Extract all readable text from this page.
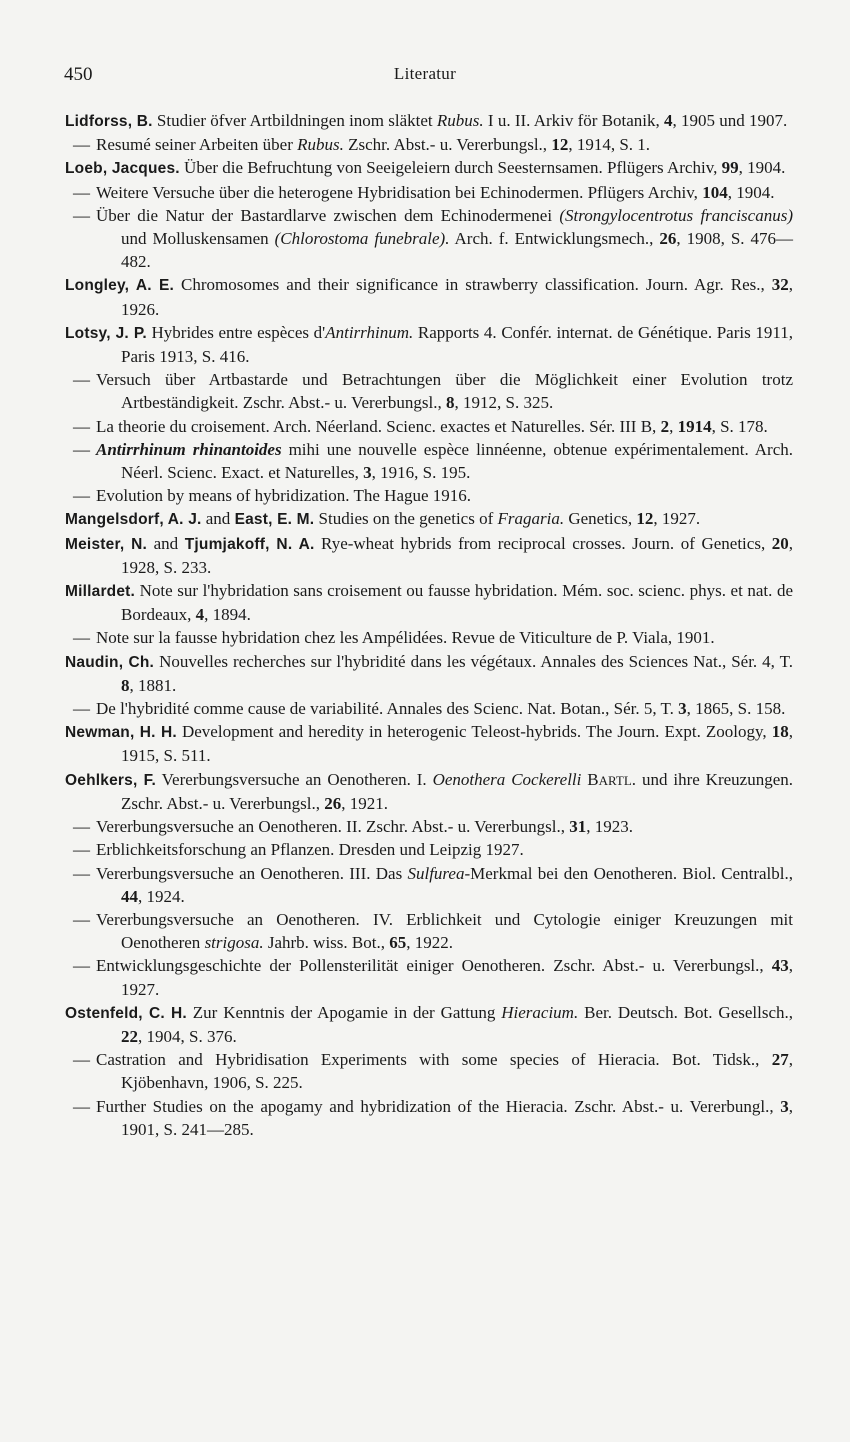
450	Literatur
Lidforss, B. Studier öfver Artbildningen inom släktet Rubus. I u. II. Arkiv för Botanik, 4, 1905 und 1907.
— Resumé seiner Arbeiten über Rubus. Zschr. Abst.- u. Vererbungsl., 12, 1914, S. 1.
Loeb, Jacques. Über die Befruchtung von Seeigeleiern durch Seesternsamen. Pflügers Archiv, 99, 1904.
— Weitere Versuche über die heterogene Hybridisation bei Echinodermen. Pflügers Archiv, 104, 1904.
— Über die Natur der Bastardlarve zwischen dem Echinodermenei (Strongylocentrotus franciscanus) und Molluskensamen (Chlorostoma funebrale). Arch. f. Entwicklungsmech., 26, 1908, S. 476—482.
Longley, A. E. Chromosomes and their significance in strawberry classification. Journ. Agr. Res., 32, 1926.
Lotsy, J. P. Hybrides entre espèces d'Antirrhinum. Rapports 4. Confér. internat. de Génétique. Paris 1911, Paris 1913, S. 416.
— Versuch über Artbastarde und Betrachtungen über die Möglichkeit einer Evolution trotz Artbeständigkeit. Zschr. Abst.- u. Vererbungsl., 8, 1912, S. 325.
— La theorie du croisement. Arch. Néerland. Scienc. exactes et Naturelles. Sér. III B, 2, 1914, S. 178.
— Antirrhinum rhinantoides mihi une nouvelle espèce linnéenne, obtenue expérimentalement. Arch. Néerl. Scienc. Exact. et Naturelles, 3, 1916, S. 195.
— Evolution by means of hybridization. The Hague 1916.
Mangelsdorf, A. J. and East, E. M. Studies on the genetics of Fragaria. Genetics, 12, 1927.
Meister, N. and Tjumjakoff, N. A. Rye-wheat hybrids from reciprocal crosses. Journ. of Genetics, 20, 1928, S. 233.
Millardet. Note sur l'hybridation sans croisement ou fausse hybridation. Mém. soc. scienc. phys. et nat. de Bordeaux, 4, 1894.
— Note sur la fausse hybridation chez les Ampélidées. Revue de Viticulture de P. Viala, 1901.
Naudin, Ch. Nouvelles recherches sur l'hybridité dans les végétaux. Annales des Sciences Nat., Sér. 4, T. 8, 1881.
— De l'hybridité comme cause de variabilité. Annales des Scienc. Nat. Botan., Sér. 5, T. 3, 1865, S. 158.
Newman, H. H. Development and heredity in heterogenic Teleost-hybrids. The Journ. Expt. Zoology, 18, 1915, S. 511.
Oehlkers, F. Vererbungsversuche an Oenotheren. I. Oenothera Cockerelli BARTL. und ihre Kreuzungen. Zschr. Abst.- u. Vererbungsl., 26, 1921.
— Vererbungsversuche an Oenotheren. II. Zschr. Abst.- u. Vererbungsl., 31, 1923.
— Erblichkeitsforschung an Pflanzen. Dresden und Leipzig 1927.
— Vererbungsversuche an Oenotheren. III. Das Sulfurea-Merkmal bei den Oenotheren. Biol. Centralbl., 44, 1924.
— Vererbungsversuche an Oenotheren. IV. Erblichkeit und Cytologie einiger Kreuzungen mit Oenotheren strigosa. Jahrb. wiss. Bot., 65, 1922.
— Entwicklungsgeschichte der Pollensterilität einiger Oenotheren. Zschr. Abst.- u. Vererbungsl., 43, 1927.
Ostenfeld, C. H. Zur Kenntnis der Apogamie in der Gattung Hieracium. Ber. Deutsch. Bot. Gesellsch., 22, 1904, S. 376.
— Castration and Hybridisation Experiments with some species of Hieracia. Bot. Tidsk., 27, Kjöbenhavn, 1906, S. 225.
— Further Studies on the apogamy and hybridization of the Hieracia. Zschr. Abst.- u. Vererbungl., 3, 1901, S. 241—285.
